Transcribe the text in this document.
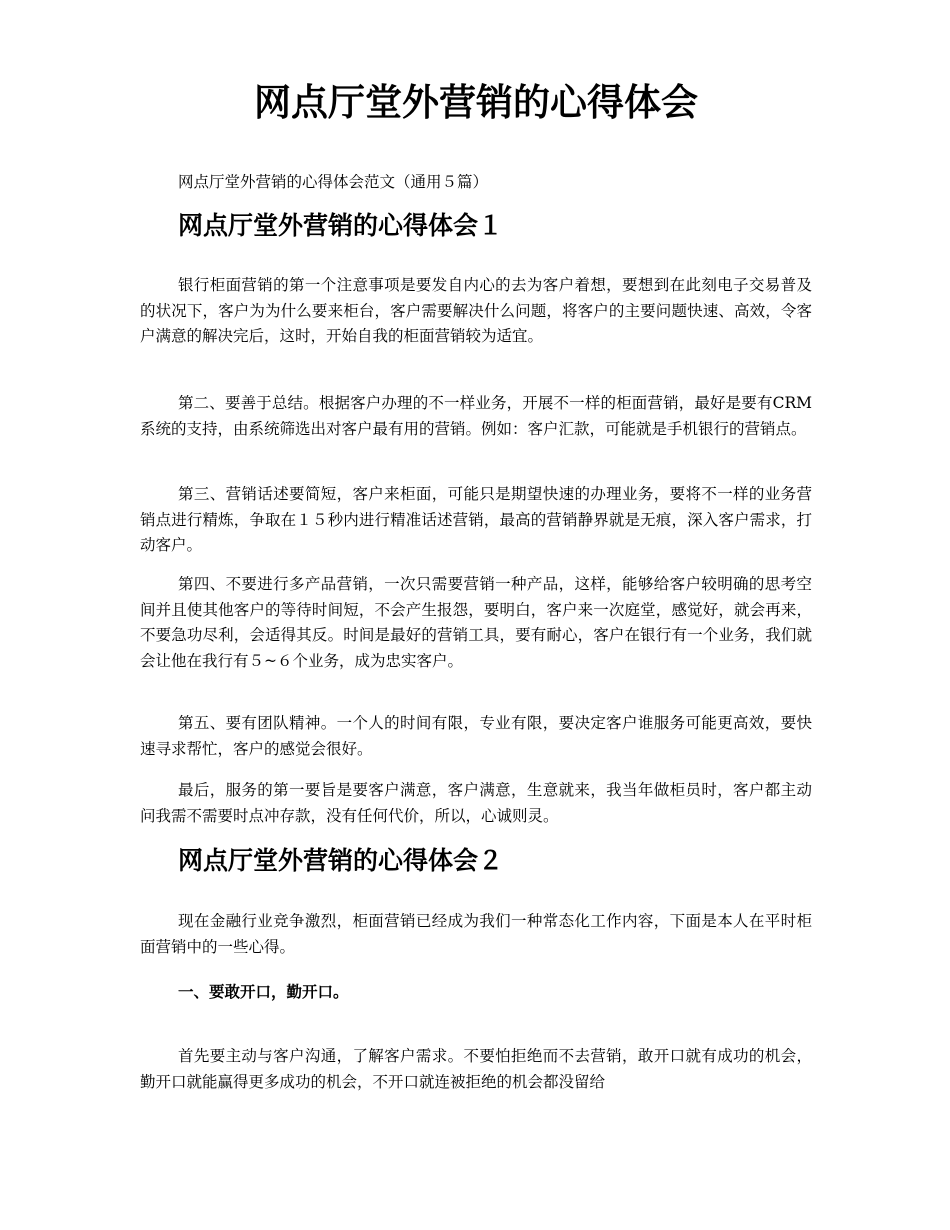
网点厅堂外营销的心得体会

网点厅堂外营销的心得体会范文（通用５篇）

网点厅堂外营销的心得体会１

银行柜面营销的第一个注意事项是要发自内心的去为客户着想，要想到在此刻电子交易普及的状况下，客户为为什么要来柜台，客户需要解决什么问题，将客户的主要问题快速、高效，令客户满意的解决完后，这时，开始自我的柜面营销较为适宜。

第二、要善于总结。根据客户办理的不一样业务，开展不一样的柜面营销，最好是要有CRM系统的支持，由系统筛选出对客户最有用的营销。例如：客户汇款，可能就是手机银行的营销点。

第三、营销话述要简短，客户来柜面，可能只是期望快速的办理业务，要将不一样的业务营销点进行精炼，争取在１５秒内进行精准话述营销，最高的营销静界就是无痕，深入客户需求，打动客户。

第四、不要进行多产品营销，一次只需要营销一种产品，这样，能够给客户较明确的思考空间并且使其他客户的等待时间短，不会产生报怨，要明白，客户来一次庭堂，感觉好，就会再来，不要急功尽利，会适得其反。时间是最好的营销工具，要有耐心，客户在银行有一个业务，我们就会让他在我行有５~６个业务，成为忠实客户。

第五、要有团队精神。一个人的时间有限，专业有限，要决定客户谁服务可能更高效，要快速寻求帮忙，客户的感觉会很好。

最后，服务的第一要旨是要客户满意，客户满意，生意就来，我当年做柜员时，客户都主动问我需不需要时点冲存款，没有任何代价，所以，心诚则灵。

网点厅堂外营销的心得体会２

现在金融行业竞争激烈，柜面营销已经成为我们一种常态化工作内容，下面是本人在平时柜面营销中的一些心得。

一、要敢开口，勤开口。

首先要主动与客户沟通，了解客户需求。不要怕拒绝而不去营销，敢开口就有成功的机会，勤开口就能赢得更多成功的机会，不开口就连被拒绝的机会都没留给
